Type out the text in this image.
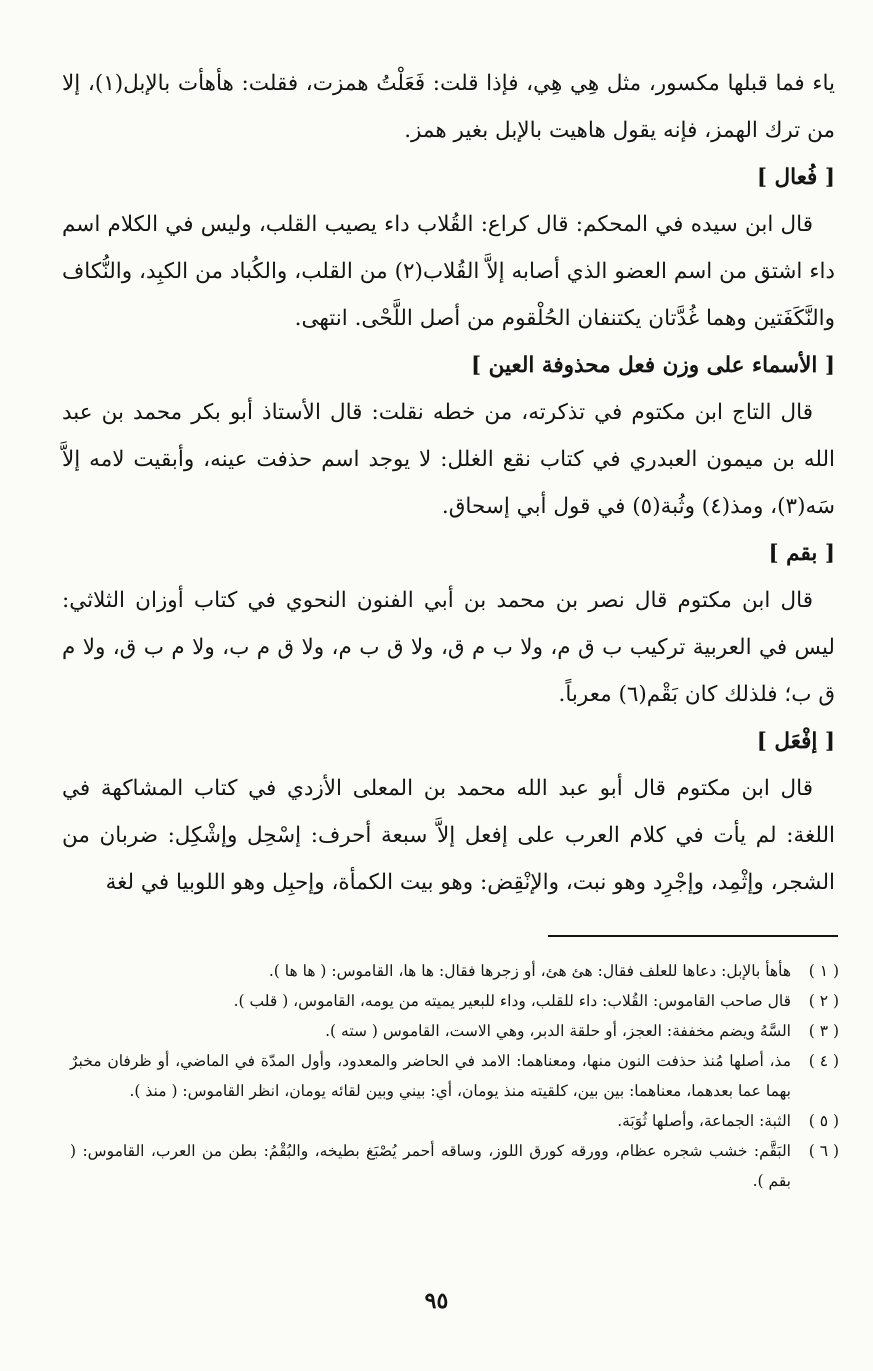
ياء فما قبلها مكسور، مثل هِي هِي، فإذا قلت: فَعَلْتُ همزت، فقلت: هأهأت بالإبل(١)، إلا من ترك الهمز، فإنه يقول هاهيت بالإبل بغير همز.

[ فُعال ]

قال ابن سيده في المحكم: قال كراع: القُلاب داء يصيب القلب، وليس في الكلام اسم داء اشتق من اسم العضو الذي أصابه إلاَّ القُلاب(٢) من القلب، والكُباد من الكبِد، والنُّكاف والنَّكَفَتين وهما غُدَّتان يكتنفان الحُلْقوم من أصل اللَّحْى. انتهى.

[ الأسماء على وزن فعل محذوفة العين ]

قال التاج ابن مكتوم في تذكرته، من خطه نقلت: قال الأستاذ أبو بكر محمد بن عبد الله بن ميمون العبدري في كتاب نقع الغلل: لا يوجد اسم حذفت عينه، وأبقيت لامه إلاَّ سَه(٣)، ومذ(٤) وثُبة(٥) في قول أبي إسحاق.

[ بقم ]

قال ابن مكتوم قال نصر بن محمد بن أبي الفنون النحوي في كتاب أوزان الثلاثي: ليس في العربية تركيب ب ق م، ولا ب م ق، ولا ق ب م، ولا ق م ب، ولا م ب ق، ولا م ق ب؛ فلذلك كان بَقْم(٦) معرباً.

[ إفْعَل ]

قال ابن مكتوم قال أبو عبد الله محمد بن المعلى الأزدي في كتاب المشاكهة في اللغة: لم يأت في كلام العرب على إفعل إلاَّ سبعة أحرف: إسْحِل وإشْكِل: ضربان من الشجر، وإثْمِد، وإجْرِد وهو نبت، والإنْقِض: وهو بيت الكمأة، وإحبِل وهو اللوبيا في لغة

( ١ )
هأهأ بالإبل: دعاها للعلف فقال: هئ هئ، أو زجرها فقال: ها ها، القاموس: ( ها ها ).
( ٢ )
قال صاحب القاموس: القُلاب: داء للقلب، وداء للبعير يميته من يومه، القاموس، ( قلب ).
( ٣ )
السَّهُ ويضم مخففة: العجز، أو حلقة الدبر، وهي الاست، القاموس ( سته ).
( ٤ )
مذ، أصلها مُنذ حذفت النون منها، ومعناهما: الامد في الحاضر والمعدود، وأول المدّة في الماضي، أو ظرفان مخبرٌ بهما عما بعدهما، معناهما: بين بين، كلقيته منذ يومان، أي: بيني وبين لقائه يومان، انظر القاموس: ( منذ ).
( ٥ )
الثبة: الجماعة، وأصلها ثُوَبَة.
( ٦ )
البَقَّم: خشب شجره عظام، وورقه كورق اللوز، وساقه أحمر يُصْبَغ بطيخه، والبُقْمُ: بطن من العرب، القاموس: ( بقم ).
٩٥
